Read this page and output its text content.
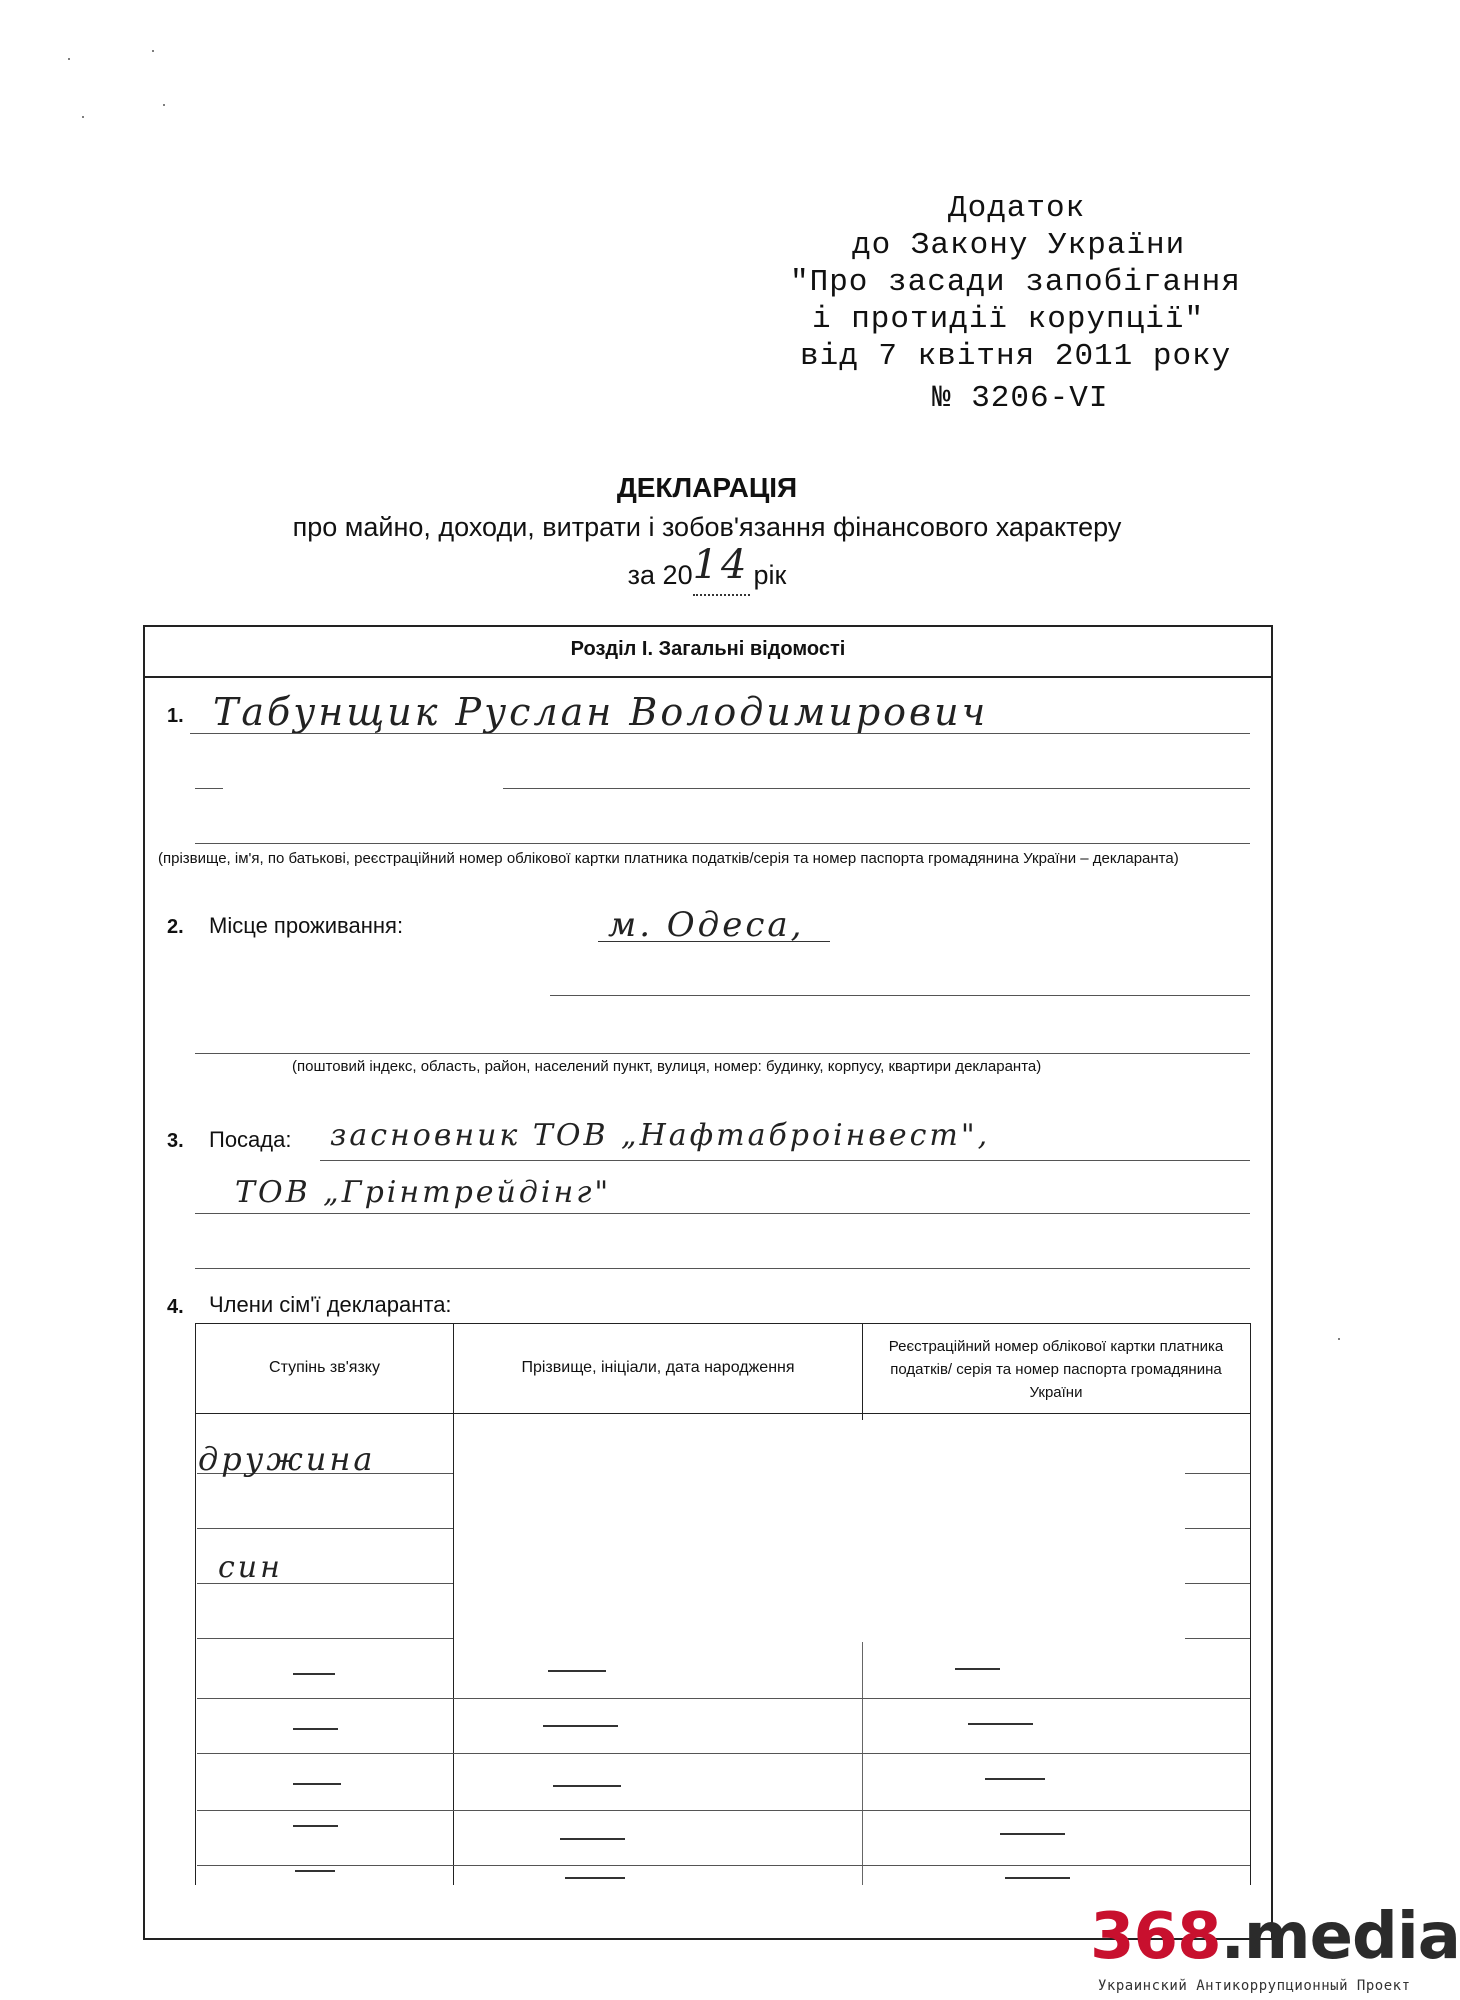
Додаток
до Закону України
"Про засади запобігання
і протидії корупції"
від 7 квітня 2011 року
№ 3206-VI
ДЕКЛАРАЦІЯ
про майно, доходи, витрати і зобов'язання фінансового характеру
за 2014 рік
Розділ І. Загальні відомості
1. Табунщик Руслан Володимирович
(прізвище, ім'я, по батькові, реєстраційний номер облікової картки платника податків/серія та номер паспорта громадянина України – декларанта)
2. Місце проживання:	м. Одеса,
(поштовий індекс, область, район, населений пункт, вулиця, номер: будинку, корпусу, квартири декларанта)
3. Посада: засновник ТОВ „Нафтаброінвест",
ТОВ „Грінтрейдінг"
4. Члени сім'ї декларанта:
Ступінь зв'язку	Прізвище, ініціали, дата народження
Реєстраційний номер облікової картки платника податків/ серія та номер паспорта громадянина України
дружина
син
368.media
Украинский Антикоррупционный Проект
